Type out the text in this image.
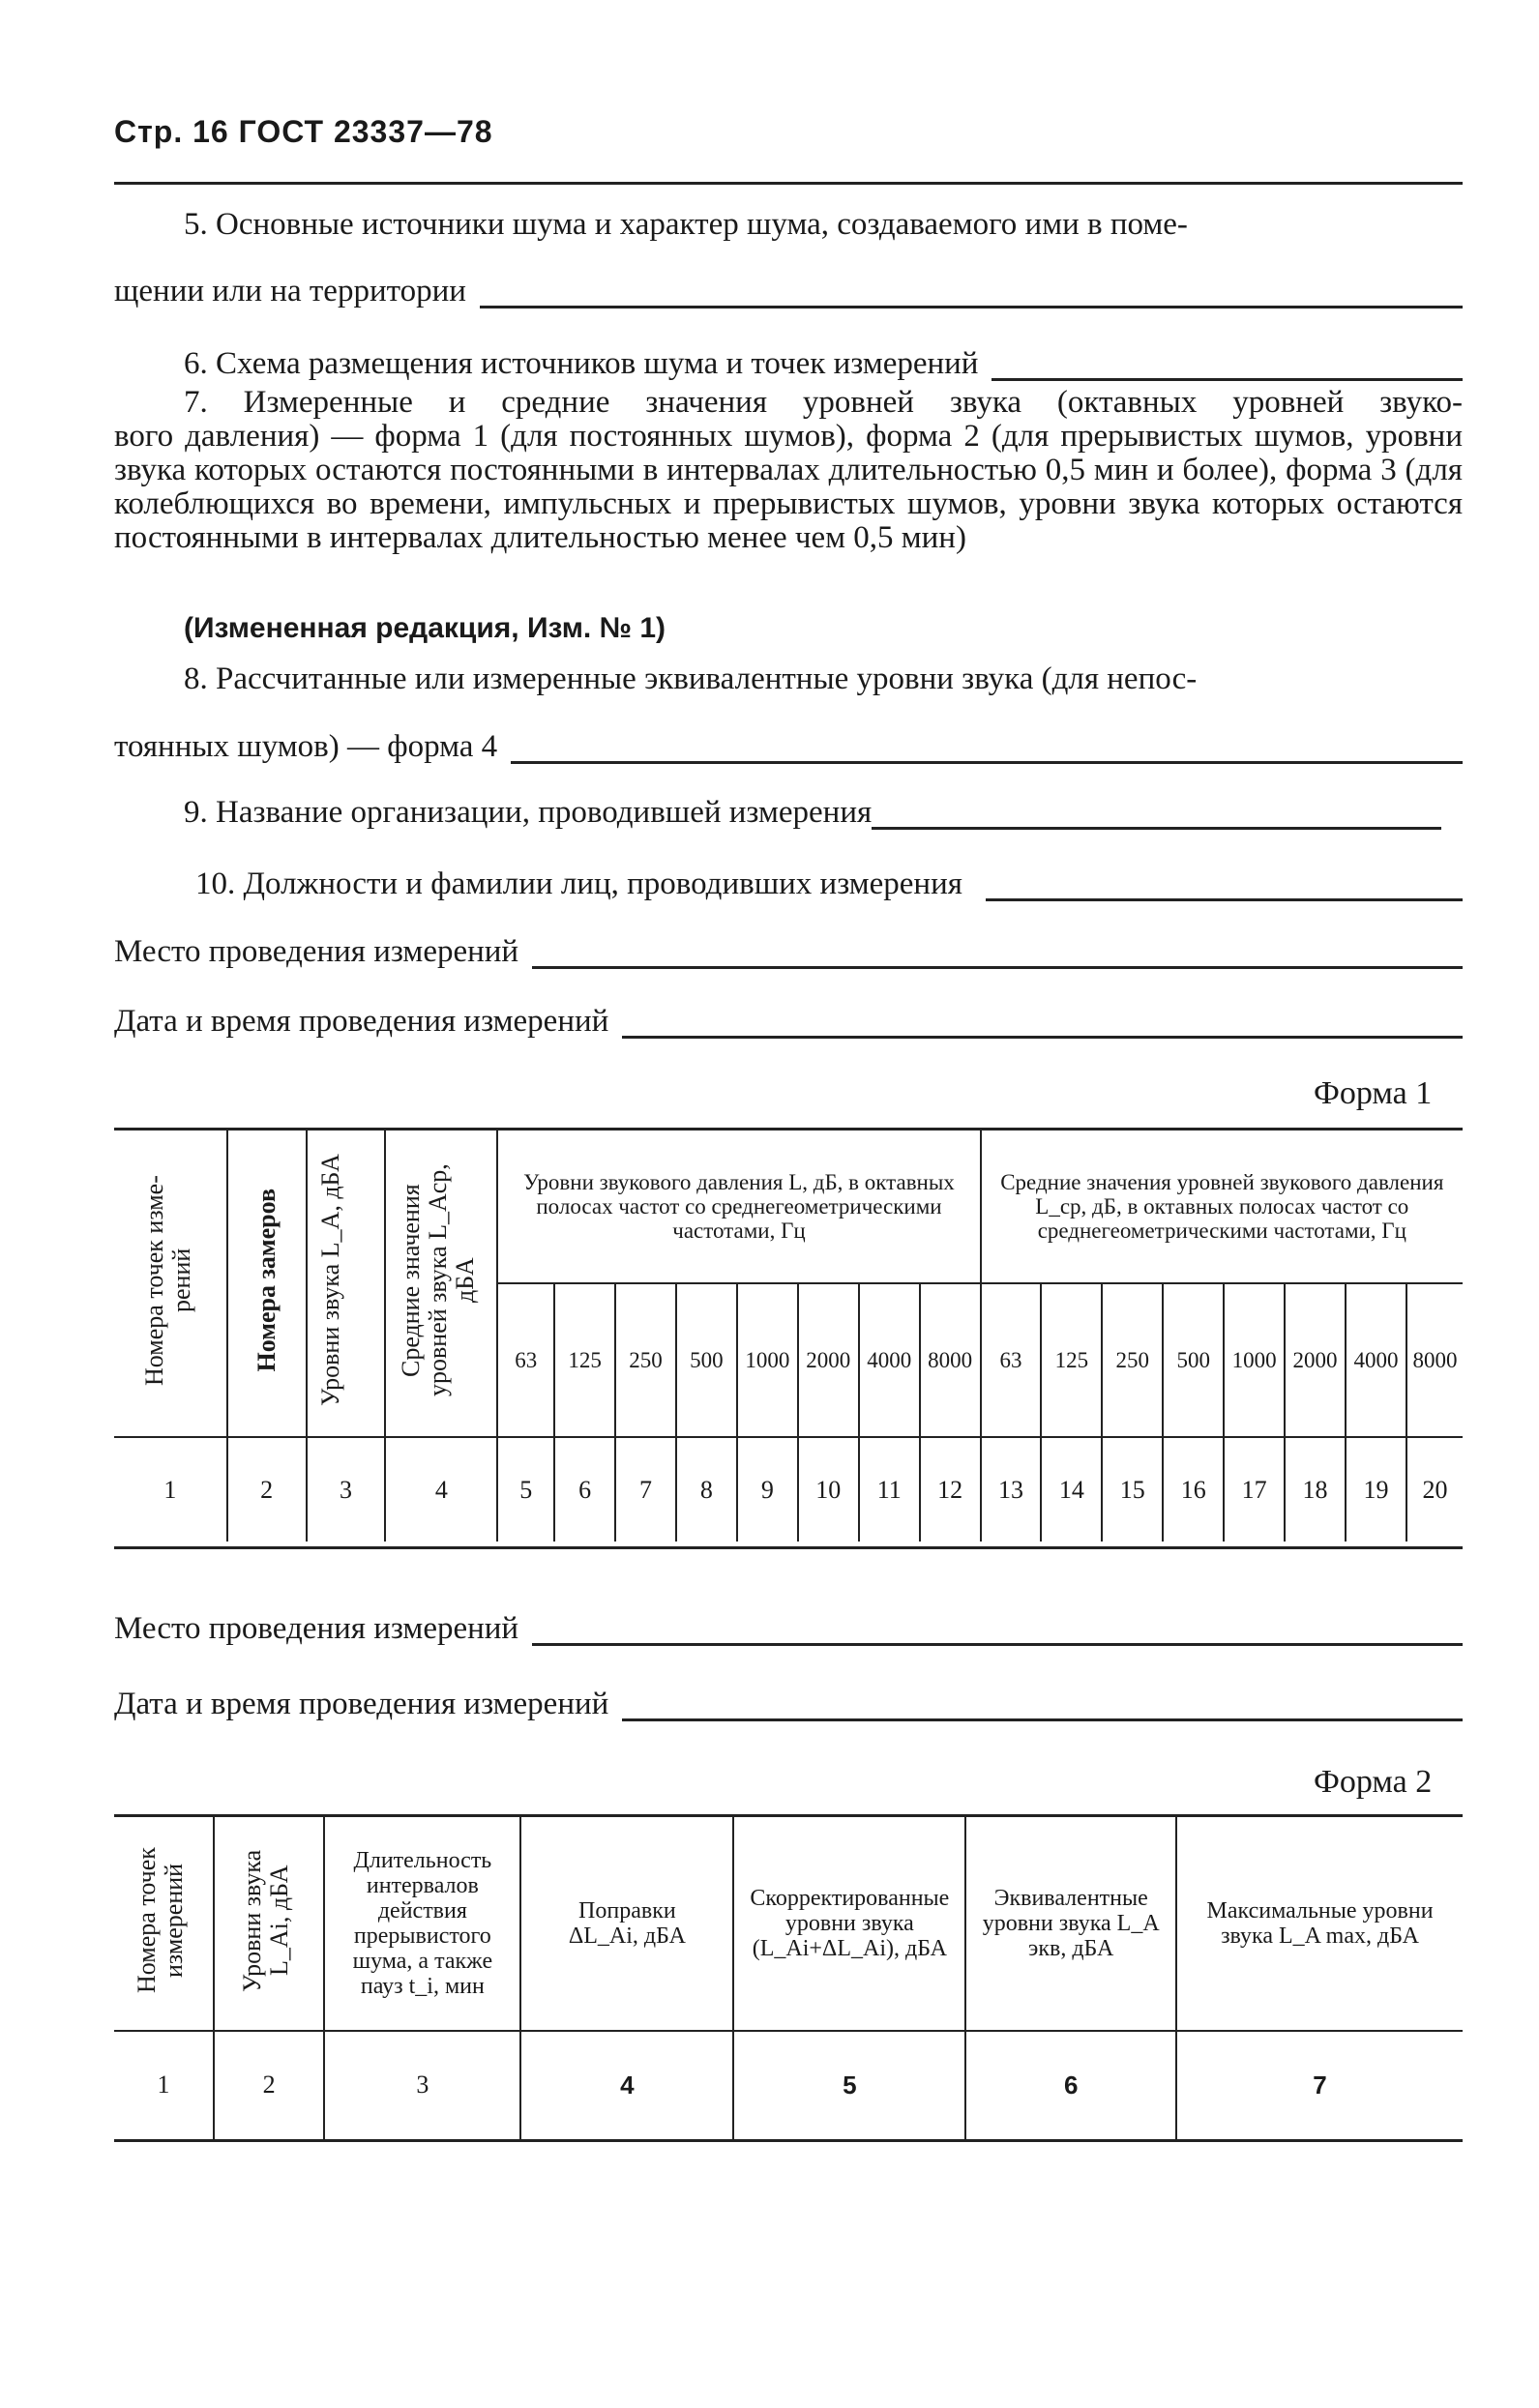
Стр. 16 ГОСТ 23337—78
5. Основные источники шума и характер шума, создаваемого ими в поме-
щении или на территории
6. Схема размещения источников шума и точек измерений
7. Измеренные и средние значения уровней звука (октавных уровней звуко-
вого давления) — форма 1 (для постоянных шумов), форма 2 (для прерывистых шумов, уровни звука которых остаются постоянными в интервалах длительностью 0,5 мин и более), форма 3 (для колеблющихся во времени, импульсных и прерывистых шумов, уровни звука которых остаются постоянными в интервалах длительностью менее чем 0,5 мин)
(Измененная редакция, Изм. № 1)
8. Рассчитанные или измеренные эквивалентные уровни звука (для непос-
тоянных шумов) — форма 4
9. Название организации, проводившей измерения
10. Должности и фамилии лиц, проводивших измерения
Место проведения измерений
Дата и время проведения измерений
Форма 1
Номера точек изме- рений	Номера замеров	Уровни звука L_A, дБА	Средние значения уровней звука L_Aср, дБА	Уровни звукового давления L, дБ, в октавных полосах частот со среднегеометрическими частотами, Гц								Средние значения уровней звукового давления L_ср, дБ, в октавных полосах частот со среднегеометрическими частотами, Гц							
				63	125	250	500	1000	2000	4000	8000	63	125	250	500	1000	2000	4000	8000
1	2	3	4	5	6	7	8	9	10	11	12	13	14	15	16	17	18	19	20

Место проведения измерений
Дата и время проведения измерений
Форма 2
Номера точек измерений	Уровни звука L_Ai, дБА	Длительность интервалов действия прерывистого шума, а также пауз t_i, мин	Поправки ΔL_Ai, дБА	Скорректированные уровни звука (L_Ai+ΔL_Ai), дБА	Эквивалентные уровни звука L_A экв, дБА	Максимальные уровни звука L_A max, дБА
1	2	3	4	5	6	7
